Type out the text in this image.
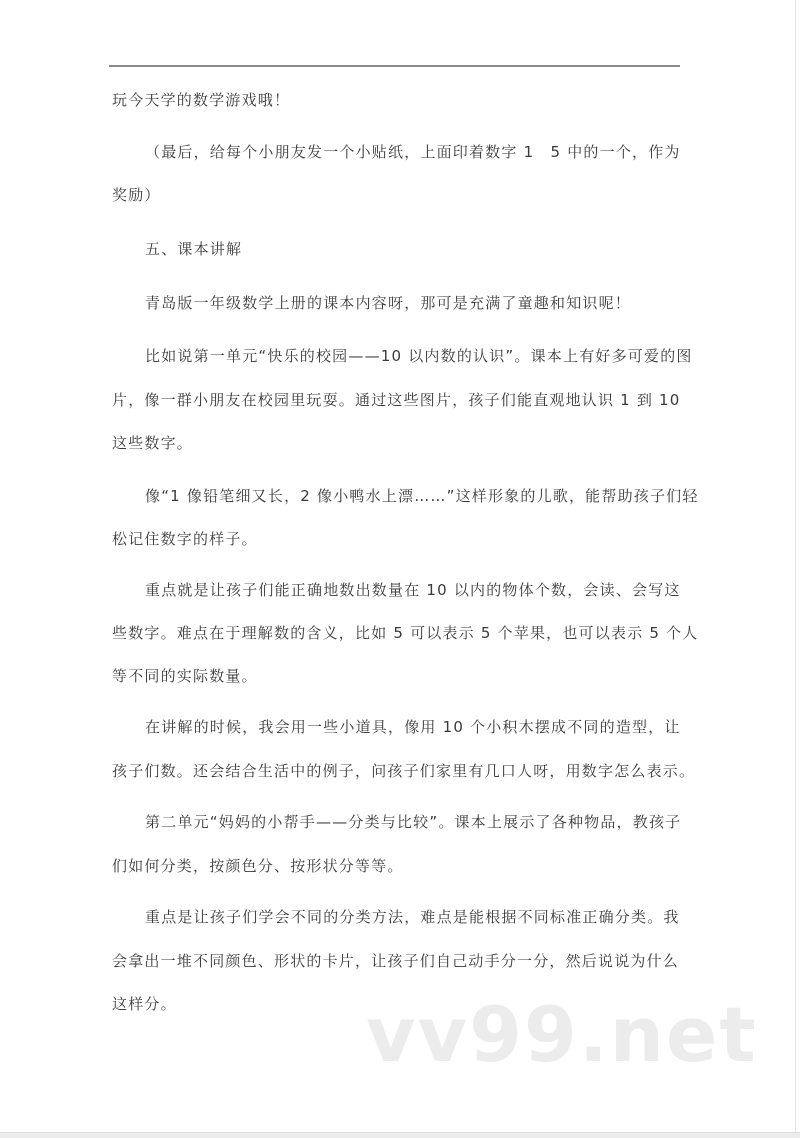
玩今天学的数学游戏哦！
（最后，给每个小朋友发一个小贴纸，上面印着数字 1　5 中的一个，作为
奖励）
五、课本讲解
青岛版一年级数学上册的课本内容呀，那可是充满了童趣和知识呢！
比如说第一单元“快乐的校园——10 以内数的认识”。课本上有好多可爱的图
片，像一群小朋友在校园里玩耍。通过这些图片，孩子们能直观地认识 1 到 10
这些数字。
像“1 像铅笔细又长，2 像小鸭水上漂……”这样形象的儿歌，能帮助孩子们轻
松记住数字的样子。
重点就是让孩子们能正确地数出数量在 10 以内的物体个数，会读、会写这
些数字。难点在于理解数的含义，比如 5 可以表示 5 个苹果，也可以表示 5 个人
等不同的实际数量。
在讲解的时候，我会用一些小道具，像用 10 个小积木摆成不同的造型，让
孩子们数。还会结合生活中的例子，问孩子们家里有几口人呀，用数字怎么表示。
第二单元“妈妈的小帮手——分类与比较”。课本上展示了各种物品，教孩子
们如何分类，按颜色分、按形状分等等。
重点是让孩子们学会不同的分类方法，难点是能根据不同标准正确分类。我
会拿出一堆不同颜色、形状的卡片，让孩子们自己动手分一分，然后说说为什么
这样分。	vv99.net
